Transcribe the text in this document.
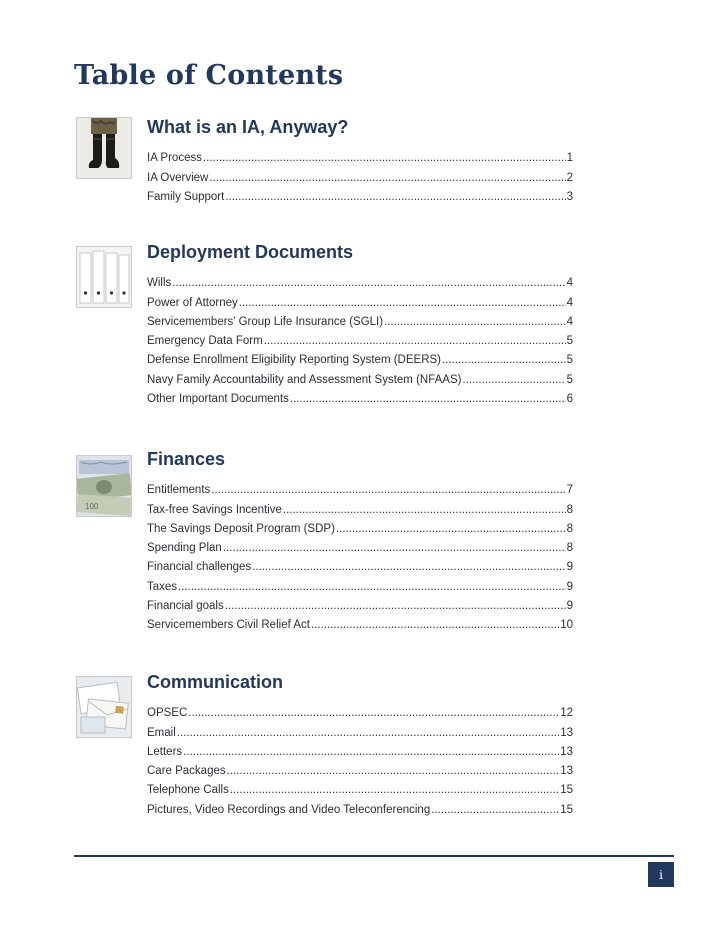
Table of Contents
What is an IA, Anyway?
IA Process .....	1
IA Overview .....	2
Family Support .....	3
Deployment Documents
Wills .....	4
Power of Attorney .....	4
Servicemembers’ Group Life Insurance (SGLI) .....	4
Emergency Data Form .....	5
Defense Enrollment Eligibility Reporting System (DEERS) .....	5
Navy Family Accountability and Assessment System (NFAAS) .....	5
Other Important Documents .....	6
100
Finances
Entitlements .....	7
Tax-free Savings Incentive .....	8
The Savings Deposit Program (SDP) .....	8
Spending Plan .....	8
Financial challenges .....	9
Taxes .....	9
Financial goals .....	9
Servicemembers Civil Relief Act .....	10
Communication
OPSEC .....	12
Email .....	13
Letters .....	13
Care Packages .....	13
Telephone Calls .....	15
Pictures, Video Recordings and Video Teleconferencing .....	15
i
